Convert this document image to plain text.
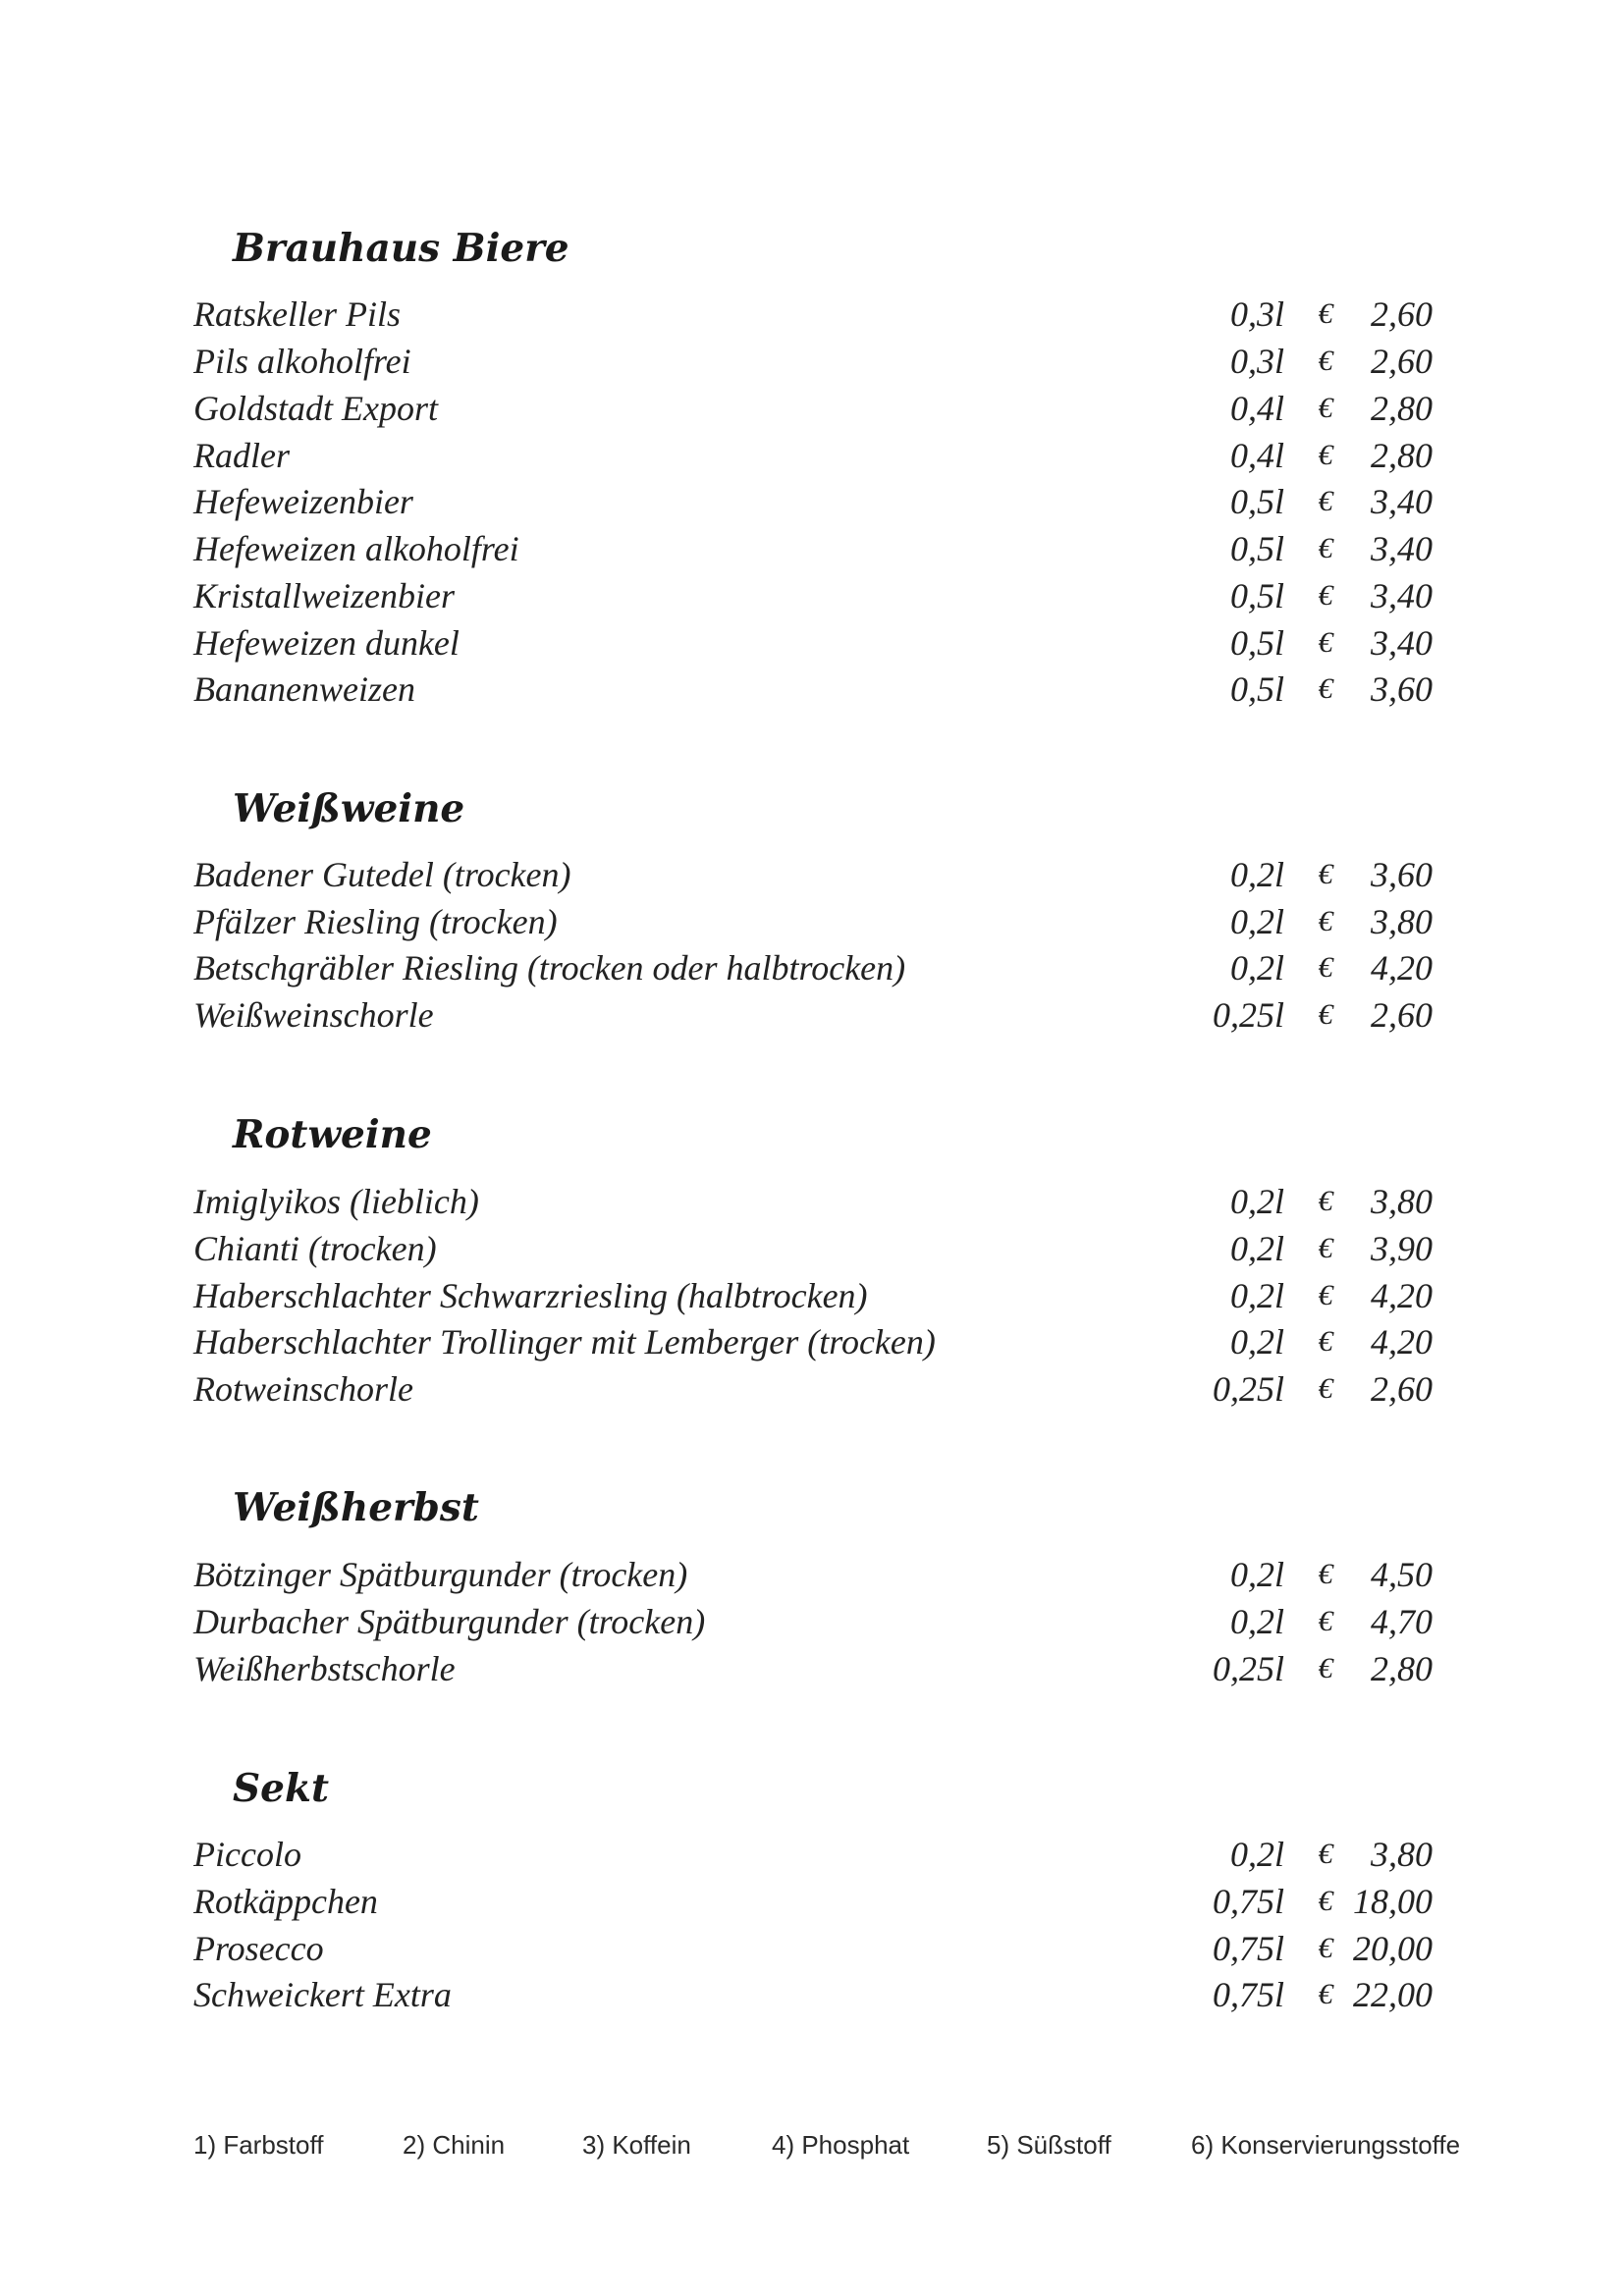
Brauhaus Biere
Ratskeller Pils	0,3l € 2,60
Pils alkoholfrei	0,3l € 2,60
Goldstadt Export	0,4l € 2,80
Radler	0,4l € 2,80
Hefeweizenbier	0,5l € 3,40
Hefeweizen alkoholfrei	0,5l € 3,40
Kristallweizenbier	0,5l € 3,40
Hefeweizen dunkel	0,5l € 3,40
Bananenweizen	0,5l € 3,60
Weißweine
Badener Gutedel (trocken)	0,2l € 3,60
Pfälzer Riesling (trocken)	0,2l € 3,80
Betschgräbler Riesling (trocken oder halbtrocken)	0,2l € 4,20
Weißweinschorle	0,25l € 2,60
Rotweine
Imiglyikos (lieblich)	0,2l € 3,80
Chianti (trocken)	0,2l € 3,90
Haberschlachter Schwarzriesling (halbtrocken)	0,2l € 4,20
Haberschlachter Trollinger mit Lemberger (trocken)	0,2l € 4,20
Rotweinschorle	0,25l € 2,60
Weißherbst
Bötzinger Spätburgunder (trocken)	0,2l € 4,50
Durbacher Spätburgunder (trocken)	0,2l € 4,70
Weißherbstschorle	0,25l € 2,80
Sekt
Piccolo	0,2l € 3,80
Rotkäppchen	0,75l € 18,00
Prosecco	0,75l € 20,00
Schweickert Extra	0,75l € 22,00
1) Farbstoff	2) Chinin	3) Koffein	4) Phosphat	5) Süßstoff	6) Konservierungsstoffe
